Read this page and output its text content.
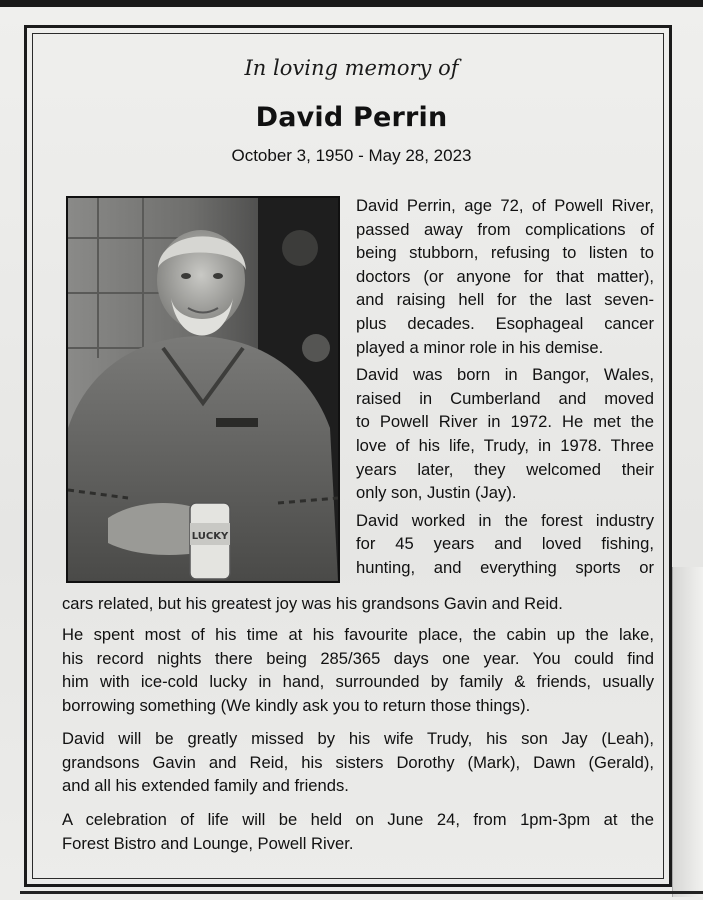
In loving memory of
David Perrin
October 3, 1950 - May 28, 2023
LUCKY

David Perrin, age 72, of Powell River,
passed away from complications of
being stubborn, refusing to listen to
doctors (or anyone for that matter),
and raising hell for the last seven-
plus decades. Esophageal cancer
played a minor role in his demise.

David was born in Bangor, Wales,
raised in Cumberland and moved
to Powell River in 1972. He met the
love of his life, Trudy, in 1978. Three
years later, they welcomed their
only son, Justin (Jay).

David worked in the forest industry
for 45 years and loved fishing,
hunting, and everything sports or

cars related, but his greatest joy was his grandsons Gavin and Reid.

He spent most of his time at his favourite place, the cabin up the lake,
his record nights there being 285/365 days one year. You could find
him with ice-cold lucky in hand, surrounded by family & friends, usually
borrowing something (We kindly ask you to return those things).

David will be greatly missed by his wife Trudy, his son Jay (Leah),
grandsons Gavin and Reid, his sisters Dorothy (Mark), Dawn (Gerald),
and all his extended family and friends.

A celebration of life will be held on June 24, from 1pm-3pm at the
Forest Bistro and Lounge, Powell River.
